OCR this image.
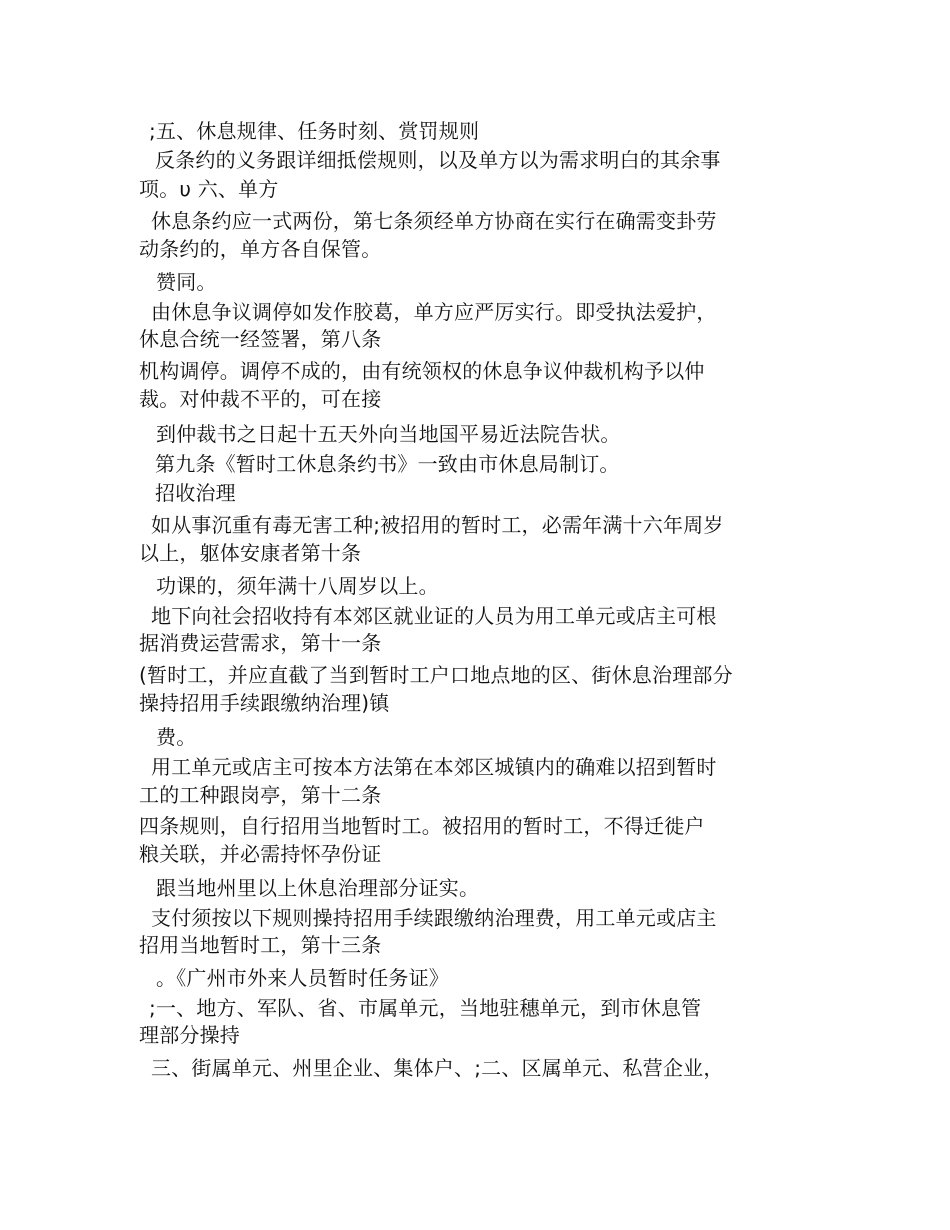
;五、休息规律、任务时刻、赏罚规则
反条约的义务跟详细抵偿规则，以及单方以为需求明白的其余事
项。υ 六、单方
休息条约应一式两份，第七条须经单方协商在实行在确需变卦劳
动条约的，单方各自保管。
赞同。
由休息争议调停如发作胶葛，单方应严厉实行。即受执法爱护，
休息合统一经签署，第八条
机构调停。调停不成的，由有统领权的休息争议仲裁机构予以仲
裁。对仲裁不平的，可在接
到仲裁书之日起十五天外向当地国平易近法院告状。
第九条《暂时工休息条约书》一致由市休息局制订。
招收治理
如从事沉重有毒无害工种;被招用的暂时工，必需年满十六年周岁
以上，躯体安康者第十条
功课的，须年满十八周岁以上。
地下向社会招收持有本郊区就业证的人员为用工单元或店主可根
据消费运营需求，第十一条
(暂时工，并应直截了当到暂时工户口地点地的区、街休息治理部分
操持招用手续跟缴纳治理)镇
费。
用工单元或店主可按本方法第在本郊区城镇内的确难以招到暂时
工的工种跟岗亭，第十二条
四条规则，自行招用当地暂时工。被招用的暂时工，不得迁徙户
粮关联，并必需持怀孕份证
跟当地州里以上休息治理部分证实。
支付须按以下规则操持招用手续跟缴纳治理费，用工单元或店主
招用当地暂时工，第十三条
。《广州市外来人员暂时任务证》
;一、地方、军队、省、市属单元，当地驻穗单元，到市休息管
理部分操持
三、街属单元、州里企业、集体户、;二、区属单元、私营企业，
